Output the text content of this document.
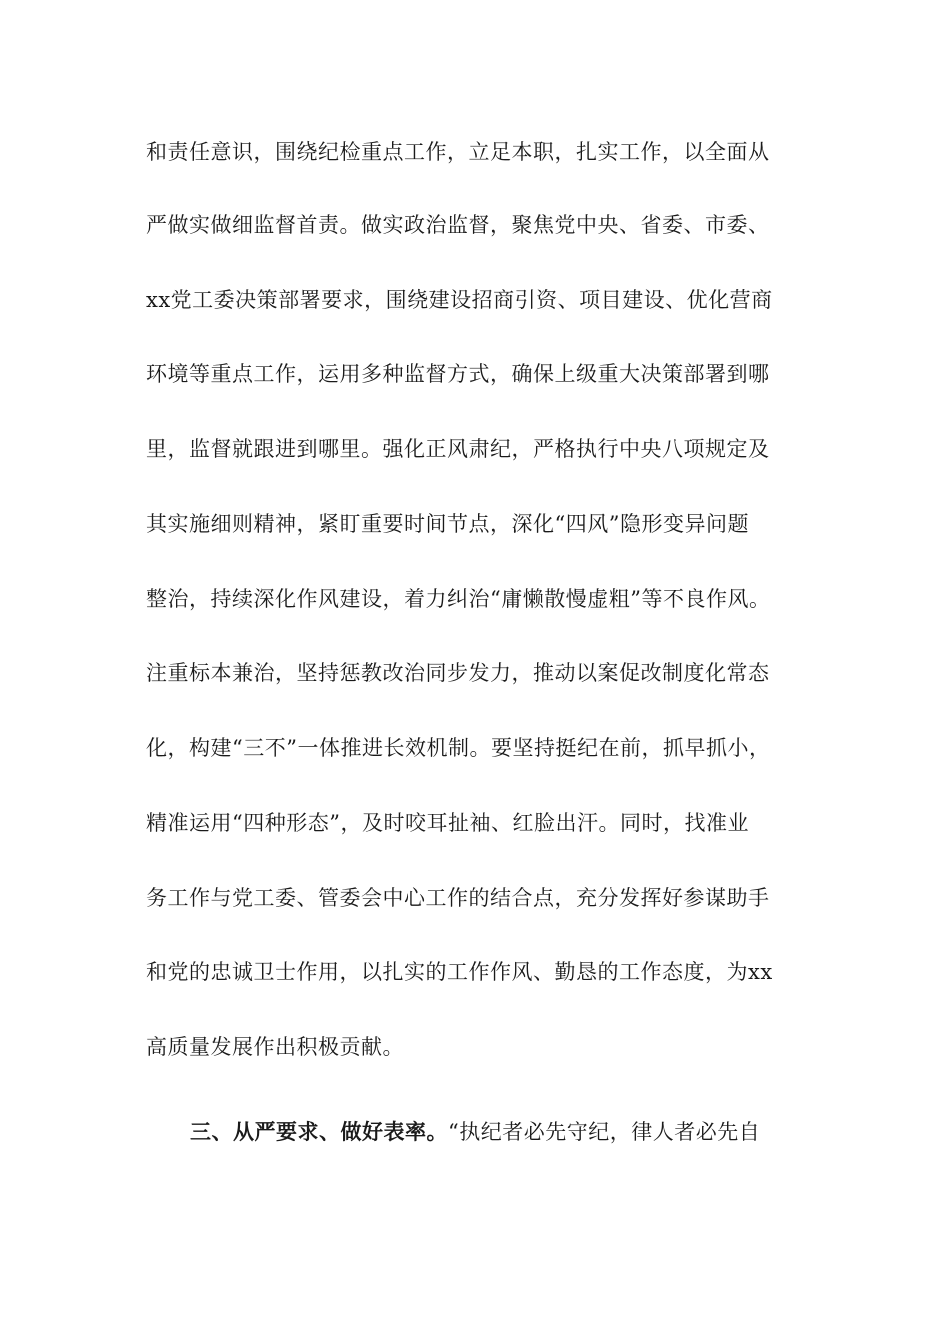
和责任意识，围绕纪检重点工作，立足本职，扎实工作，以全面从
严做实做细监督首责。做实政治监督，聚焦党中央、省委、市委、
xx党工委决策部署要求，围绕建设招商引资、项目建设、优化营商
环境等重点工作，运用多种监督方式，确保上级重大决策部署到哪
里，监督就跟进到哪里。强化正风肃纪，严格执行中央八项规定及
其实施细则精神，紧盯重要时间节点，深化“四风”隐形变异问题
整治，持续深化作风建设，着力纠治“庸懒散慢虚粗”等不良作风。
注重标本兼治，坚持惩教改治同步发力，推动以案促改制度化常态
化，构建“三不”一体推进长效机制。要坚持挺纪在前，抓早抓小，
精准运用“四种形态”，及时咬耳扯袖、红脸出汗。同时，找准业
务工作与党工委、管委会中心工作的结合点，充分发挥好参谋助手
和党的忠诚卫士作用，以扎实的工作作风、勤恳的工作态度，为xx
高质量发展作出积极贡献。
三、从严要求、做好表率。“执纪者必先守纪，律人者必先自
